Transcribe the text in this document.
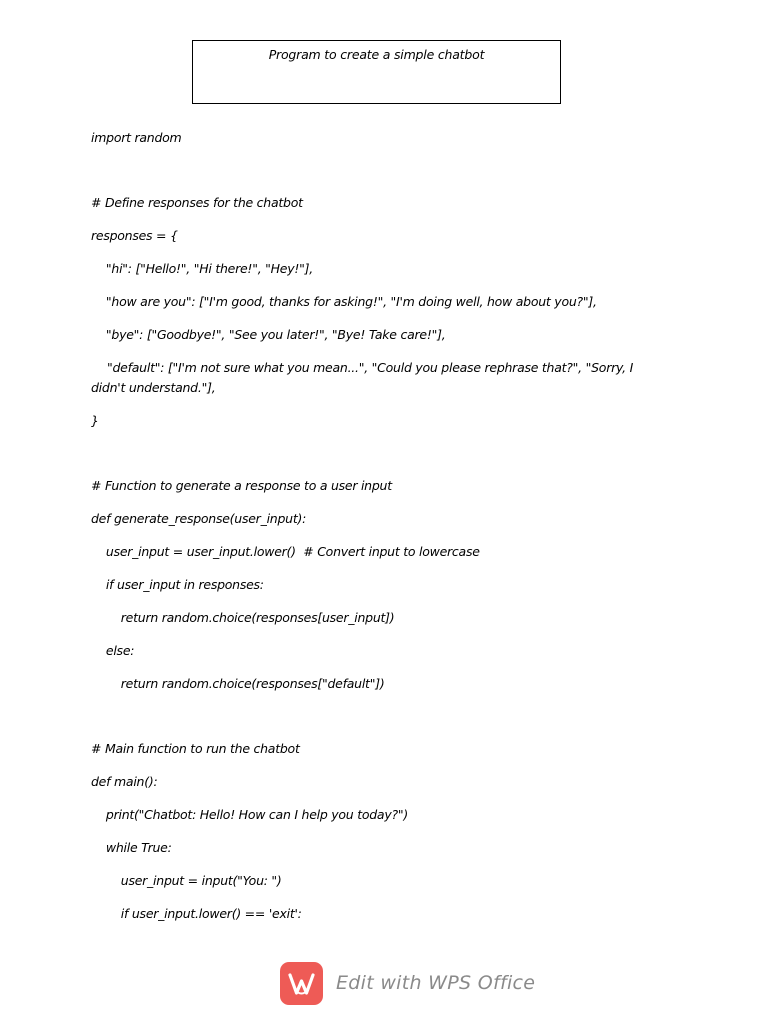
Program to create a simple chatbot
import random
# Define responses for the chatbot
responses = {
"hi": ["Hello!", "Hi there!", "Hey!"],
"how are you": ["I'm good, thanks for asking!", "I'm doing well, how about you?"],
"bye": ["Goodbye!", "See you later!", "Bye! Take care!"],
"default": ["I'm not sure what you mean...", "Could you please rephrase that?", "Sorry, I didn't understand."],
}
# Function to generate a response to a user input
def generate_response(user_input):
user_input = user_input.lower()  # Convert input to lowercase
if user_input in responses:
return random.choice(responses[user_input])
else:
return random.choice(responses["default"])
# Main function to run the chatbot
def main():
print("Chatbot: Hello! How can I help you today?")
while True:
user_input = input("You: ")
if user_input.lower() == 'exit':
Edit with WPS Office
